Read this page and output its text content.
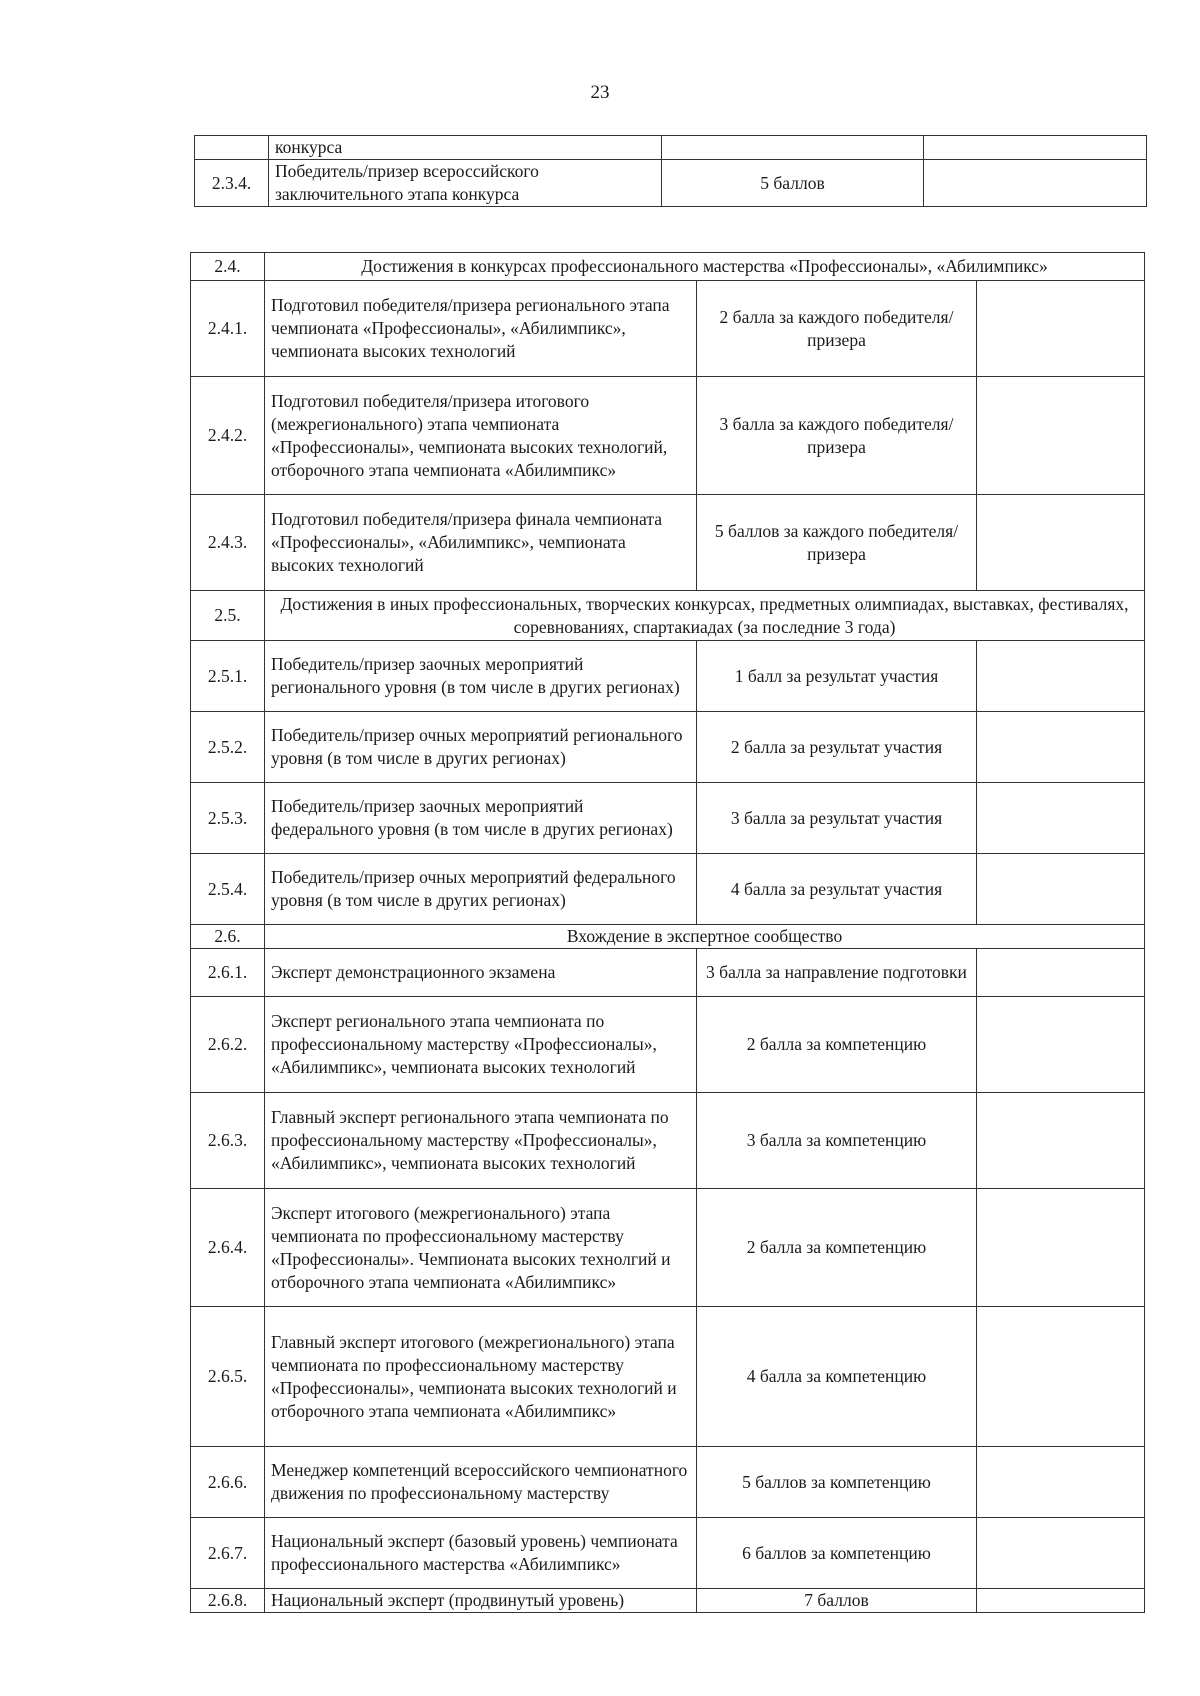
23
	конкурса		
2.3.4.	Победитель/призер всероссийского заключительного этапа конкурса	5 баллов	
2.4.	Достижения в конкурсах профессионального мастерства «Профессионалы», «Абилимпикс»		
2.4.1.	Подготовил победителя/призера регионального этапа чемпионата «Профессионалы», «Абилимпикс», чемпионата высоких технологий	2 балла за каждого победителя/призера	
2.4.2.	Подготовил победителя/призера итогового (межрегионального) этапа чемпионата «Профессионалы», чемпионата высоких технологий, отборочного этапа чемпионата «Абилимпикс»	3 балла за каждого победителя/призера	
2.4.3.	Подготовил победителя/призера финала чемпионата «Профессионалы», «Абилимпикс», чемпионата высоких технологий	5 баллов за каждого победителя/призера	
2.5.	Достижения в иных профессиональных, творческих конкурсах, предметных олимпиадах, выставках, фестивалях, соревнованиях, спартакиадах (за последние 3 года)		
2.5.1.	Победитель/призер заочных мероприятий регионального уровня (в том числе в других регионах)	1 балл за результат участия	
2.5.2.	Победитель/призер очных мероприятий регионального уровня (в том числе в других регионах)	2 балла за результат участия	
2.5.3.	Победитель/призер заочных мероприятий федерального уровня (в том числе в других регионах)	3 балла за результат участия	
2.5.4.	Победитель/призер очных мероприятий федерального уровня (в том числе в других регионах)	4 балла за результат участия	
2.6.	Вхождение в экспертное сообщество		
2.6.1.	Эксперт демонстрационного экзамена	3 балла за направление подготовки	
2.6.2.	Эксперт регионального этапа чемпионата по профессиональному мастерству «Профессионалы», «Абилимпикс», чемпионата высоких технологий	2 балла за компетенцию	
2.6.3.	Главный эксперт регионального этапа чемпионата по профессиональному мастерству «Профессионалы», «Абилимпикс», чемпионата высоких технологий	3 балла за компетенцию	
2.6.4.	Эксперт итогового (межрегионального) этапа чемпионата по профессиональному мастерству «Профессионалы». Чемпионата высоких технолгий и отборочного этапа чемпионата «Абилимпикс»	2 балла за компетенцию	
2.6.5.	Главный эксперт итогового (межрегионального) этапа чемпионата по профессиональному мастерству «Профессионалы», чемпионата высоких технологий и отборочного этапа чемпионата «Абилимпикс»	4 балла за компетенцию	
2.6.6.	Менеджер компетенций всероссийского чемпионатного движения по профессиональному мастерству	5 баллов за компетенцию	
2.6.7.	Национальный эксперт (базовый уровень) чемпионата профессионального мастерства «Абилимпикс»	6 баллов за компетенцию	
2.6.8.	Национальный эксперт (продвинутый уровень)	7 баллов	
